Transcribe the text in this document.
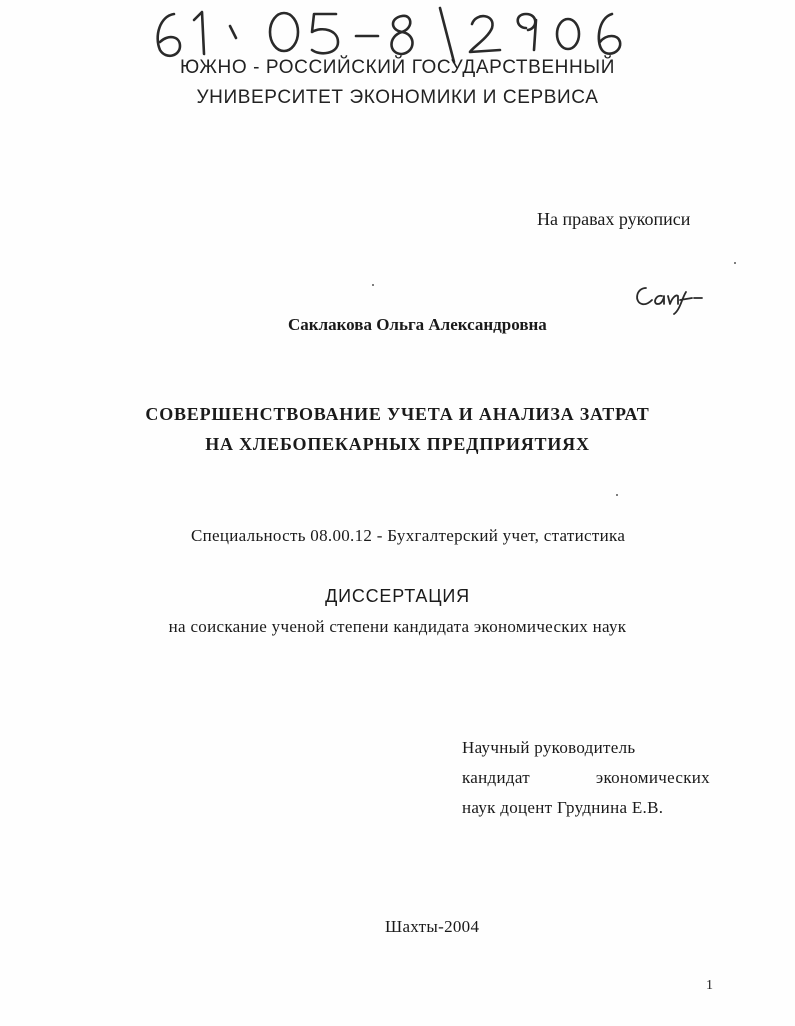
ЮЖНО - РОССИЙСКИЙ ГОСУДАРСТВЕННЫЙ
УНИВЕРСИТЕТ ЭКОНОМИКИ И СЕРВИСА
На правах рукописи
Саклакова Ольга Александровна
СОВЕРШЕНСТВОВАНИЕ УЧЕТА И АНАЛИЗА ЗАТРАТ
НА ХЛЕБОПЕКАРНЫХ ПРЕДПРИЯТИЯХ
Специальность 08.00.12 - Бухгалтерский учет, статистика
ДИССЕРТАЦИЯ
на соискание ученой степени кандидата экономических наук
Научный руководитель
кандидат	экономических
наук доцент Груднина Е.В.
Шахты-2004
1
